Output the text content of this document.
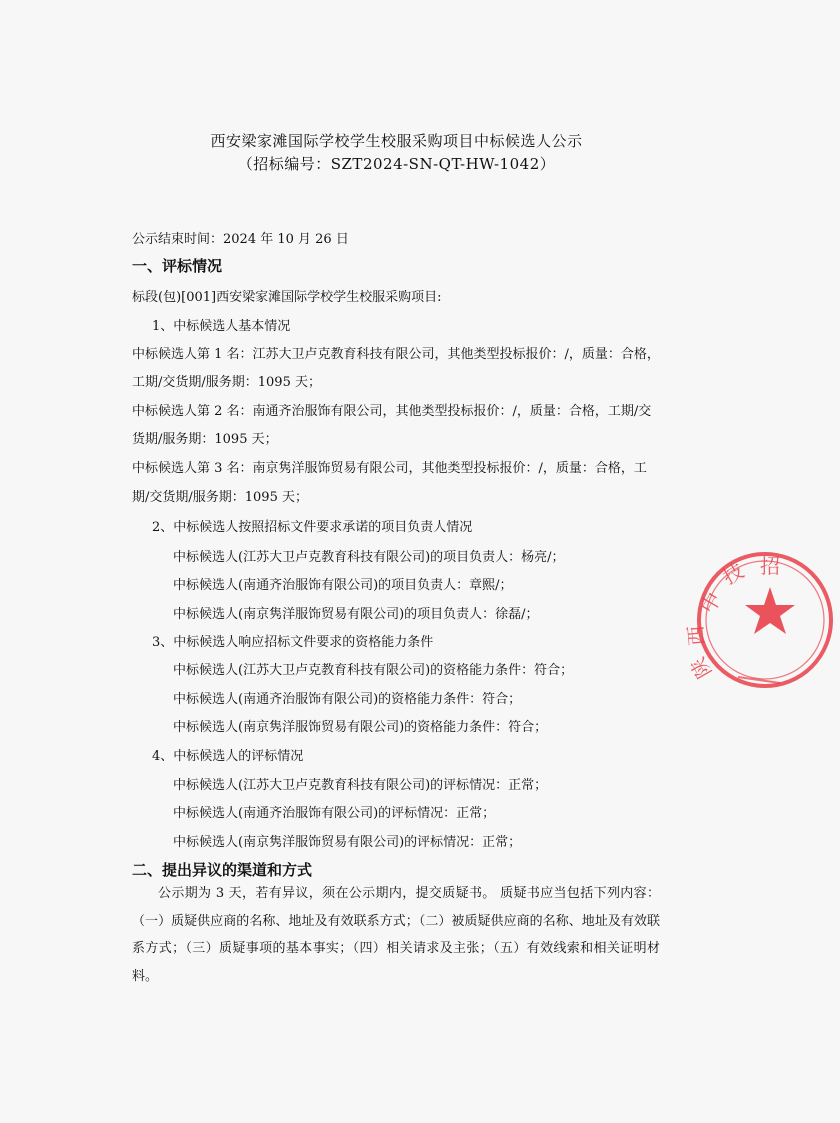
西安梁家滩国际学校学生校服采购项目中标候选人公示
（招标编号：SZT2024-SN-QT-HW-1042）
公示结束时间：2024 年 10 月 26 日
一、评标情况
标段(包)[001]西安梁家滩国际学校学生校服采购项目:
1、中标候选人基本情况
中标候选人第 1 名：江苏大卫卢克教育科技有限公司，其他类型投标报价：/，质量：合格，
工期/交货期/服务期：1095 天；
中标候选人第 2 名：南通齐治服饰有限公司，其他类型投标报价：/，质量：合格，工期/交
货期/服务期：1095 天；
中标候选人第 3 名：南京隽洋服饰贸易有限公司，其他类型投标报价：/，质量：合格，工
期/交货期/服务期：1095 天；
2、中标候选人按照招标文件要求承诺的项目负责人情况
中标候选人(江苏大卫卢克教育科技有限公司)的项目负责人：杨亮/；
中标候选人(南通齐治服饰有限公司)的项目负责人：章熙/；
中标候选人(南京隽洋服饰贸易有限公司)的项目负责人：徐磊/；
3、中标候选人响应招标文件要求的资格能力条件
中标候选人(江苏大卫卢克教育科技有限公司)的资格能力条件：符合；
中标候选人(南通齐治服饰有限公司)的资格能力条件：符合；
中标候选人(南京隽洋服饰贸易有限公司)的资格能力条件：符合；
4、中标候选人的评标情况
中标候选人(江苏大卫卢克教育科技有限公司)的评标情况：正常；
中标候选人(南通齐治服饰有限公司)的评标情况：正常；
中标候选人(南京隽洋服饰贸易有限公司)的评标情况：正常；
二、提出异议的渠道和方式
公示期为 3 天，若有异议，须在公示期内，提交质疑书。 质疑书应当包括下列内容：（一）质疑供应商的名称、地址及有效联系方式；（二）被质疑供应商的名称、地址及有效联系方式；（三）质疑事项的基本事实；（四）相关请求及主张；（五）有效线索和相关证明材料。
中
技 招
西
陕
